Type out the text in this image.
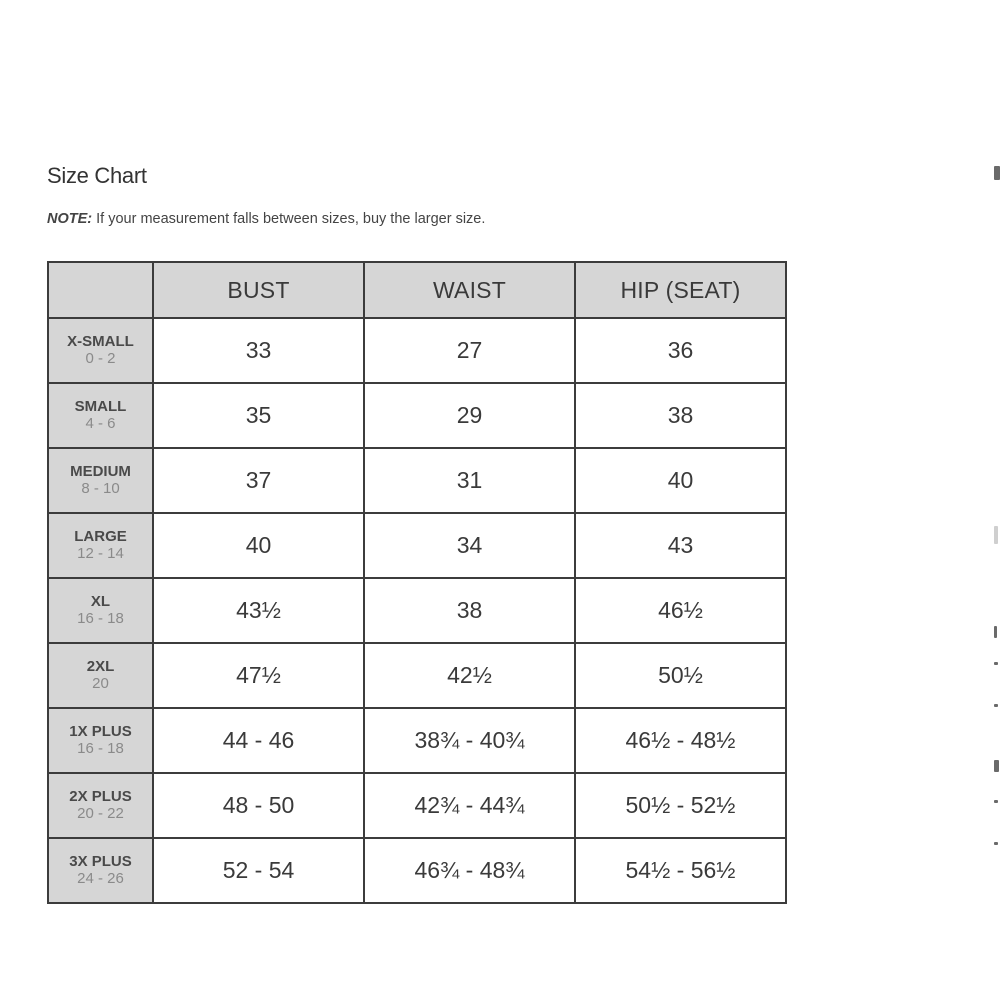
Size Chart
NOTE: If your measurement falls between sizes, buy the larger size.
	BUST	WAIST	HIP (SEAT)

X-SMALL
0 - 2	33	27	36

SMALL
4 - 6	35	29	38

MEDIUM
8 - 10	37	31	40

LARGE
12 - 14	40	34	43

XL
16 - 18	43½	38	46½

2XL
20	47½	42½	50½

1X PLUS
16 - 18	44 - 46	38¾ - 40¾	46½ - 48½

2X PLUS
20 - 22	48 - 50	42¾ - 44¾	50½ - 52½

3X PLUS
24 - 26	52 - 54	46¾ - 48¾	54½ - 56½
